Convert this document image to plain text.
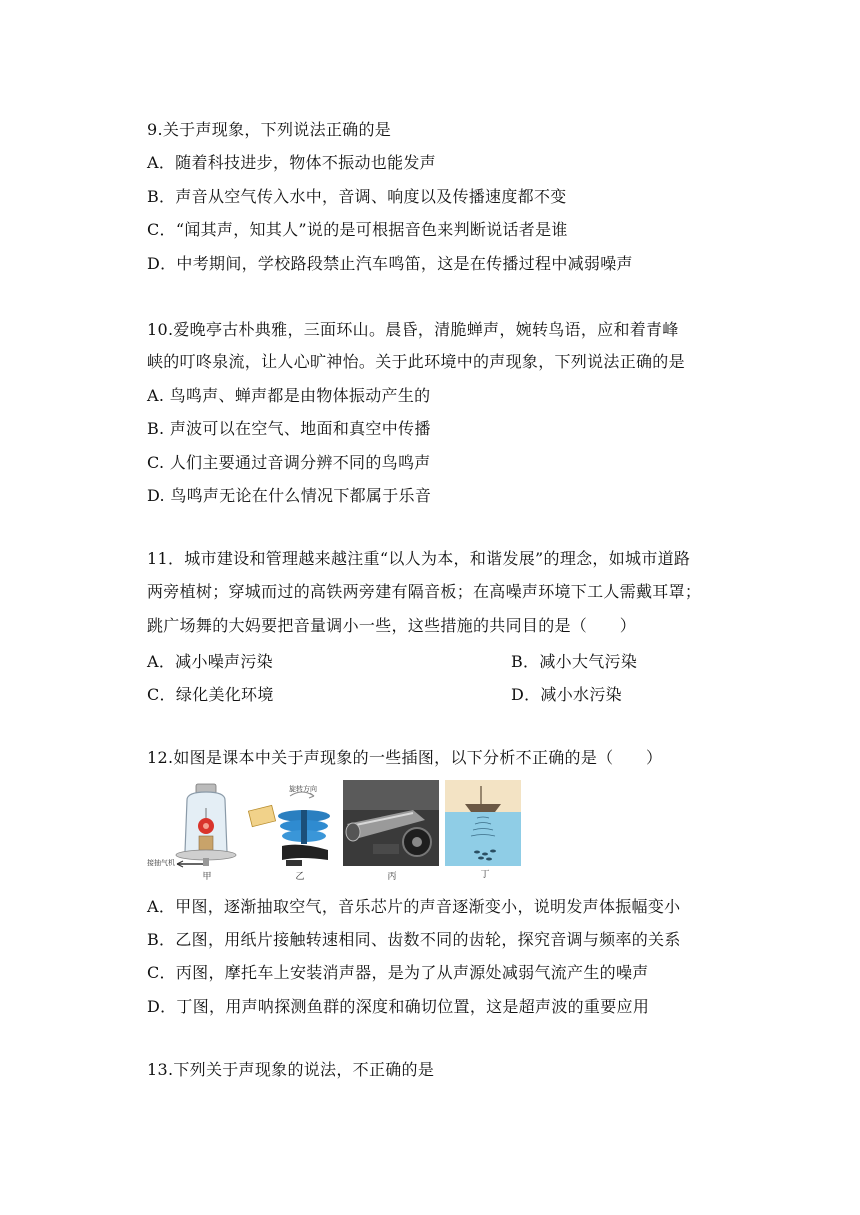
9.关于声现象，下列说法正确的是
A．随着科技进步，物体不振动也能发声
B．声音从空气传入水中，音调、响度以及传播速度都不变
C．“闻其声，知其人”说的是可根据音色来判断说话者是谁
D．中考期间，学校路段禁止汽车鸣笛，这是在传播过程中减弱噪声
10.爱晚亭古朴典雅，三面环山。晨昏，清脆蝉声，婉转鸟语，应和着青峰
峡的叮咚泉流，让人心旷神怡。关于此环境中的声现象，下列说法正确的是
A. 鸟鸣声、蝉声都是由物体振动产生的
B. 声波可以在空气、地面和真空中传播
C. 人们主要通过音调分辨不同的鸟鸣声
D. 鸟鸣声无论在什么情况下都属于乐音
11．城市建设和管理越来越注重“以人为本，和谐发展”的理念，如城市道路
两旁植树；穿城而过的高铁两旁建有隔音板；在高噪声环境下工人需戴耳罩；
跳广场舞的大妈要把音量调小一些，这些措施的共同目的是（　　）
A．减小噪声污染	B．减小大气污染
C．绿化美化环境	D．减小水污染
12.如图是课本中关于声现象的一些插图，以下分析不正确的是（　　）
接抽气机
甲
旋转方向
乙	丙	丁
A．甲图，逐渐抽取空气，音乐芯片的声音逐渐变小，说明发声体振幅变小
B．乙图，用纸片接触转速相同、齿数不同的齿轮，探究音调与频率的关系
C．丙图，摩托车上安装消声器，是为了从声源处减弱气流产生的噪声
D．丁图，用声呐探测鱼群的深度和确切位置，这是超声波的重要应用
13.下列关于声现象的说法，不正确的是
